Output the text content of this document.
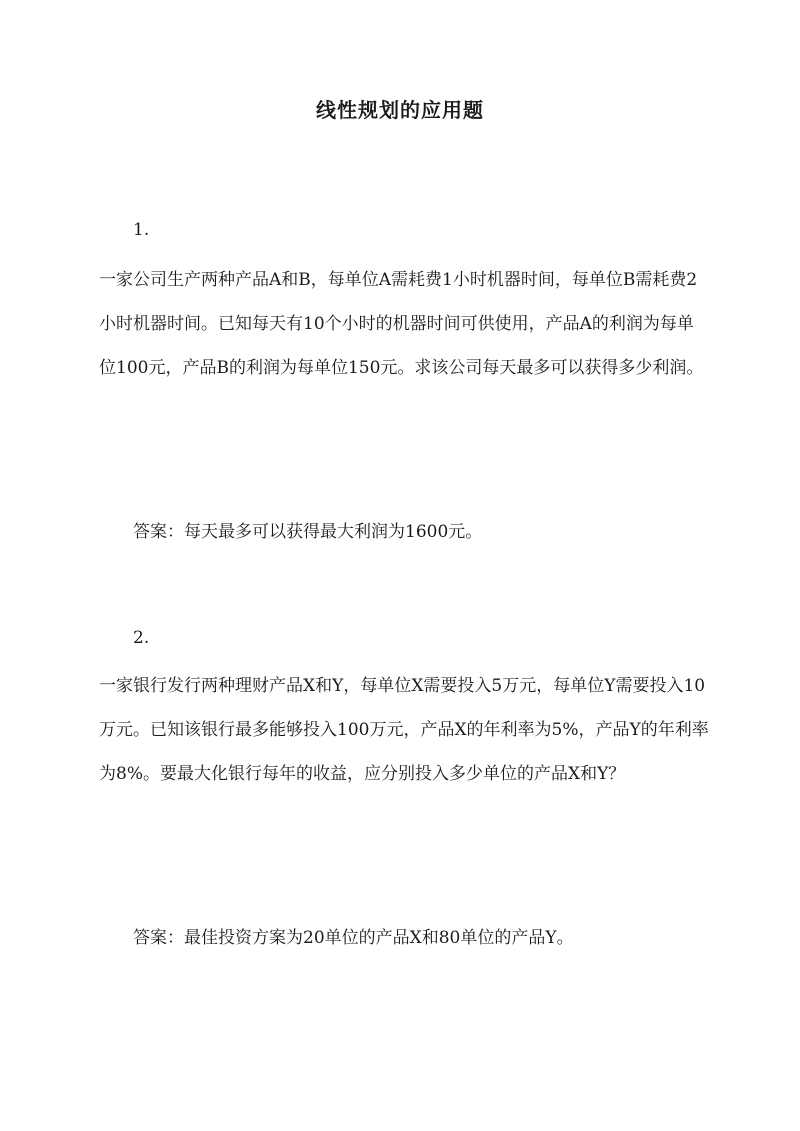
线性规划的应用题
1.
一家公司生产两种产品A和B，每单位A需耗费1小时机器时间，每单位B需耗费2小时机器时间。已知每天有10个小时的机器时间可供使用，产品A的利润为每单位100元，产品B的利润为每单位150元。求该公司每天最多可以获得多少利润。
答案：每天最多可以获得最大利润为1600元。
2.
一家银行发行两种理财产品X和Y，每单位X需要投入5万元，每单位Y需要投入10万元。已知该银行最多能够投入100万元，产品X的年利率为5%，产品Y的年利率为8%。要最大化银行每年的收益，应分别投入多少单位的产品X和Y？
答案：最佳投资方案为20单位的产品X和80单位的产品Y。
